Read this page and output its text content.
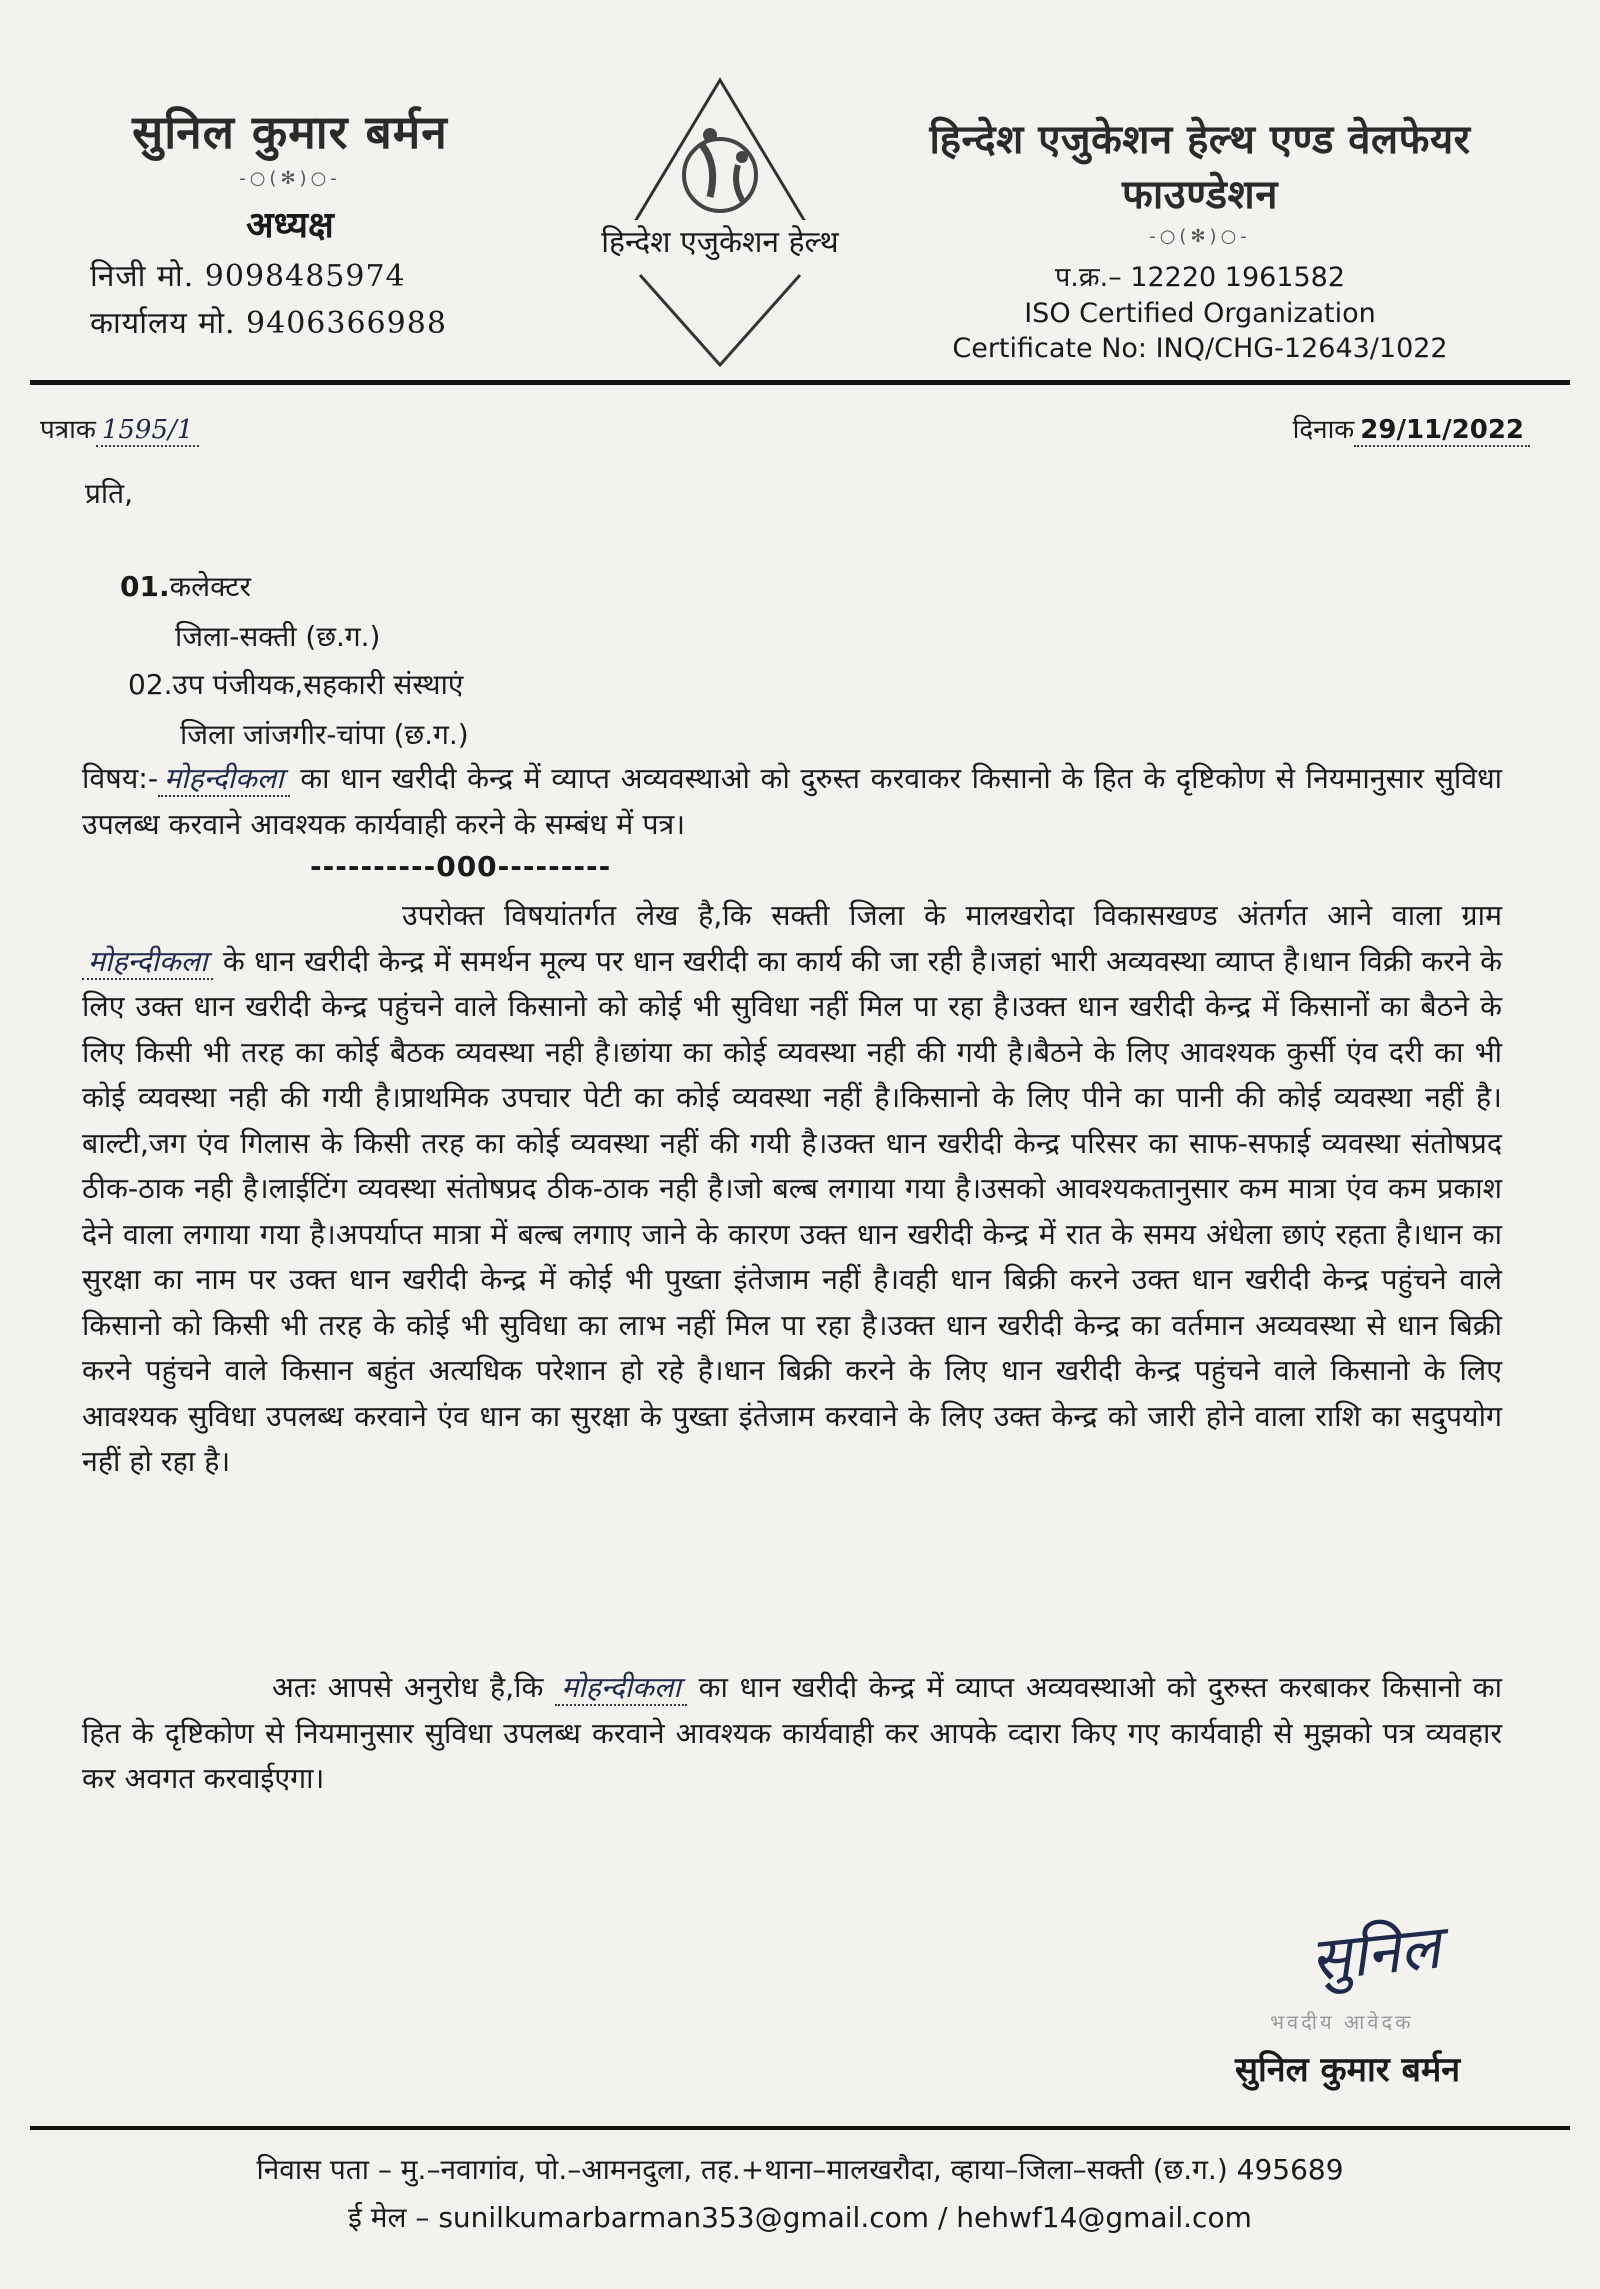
सुनिल कुमार बर्मन
-○(✻)○-
अध्यक्ष
निजी मो. 9098485974
कार्यालय मो. 9406366988
हिन्देश एजुकेशन हेल्थ
हिन्देश एजुकेशन हेल्थ एण्ड वेलफेयर फाउण्डेशन
-○(✻)○-
प.क्र.– 12220 1961582
ISO Certified Organization
Certificate No: INQ/CHG-12643/1022
पत्राक 1595/1	दिनाक 29/11/2022
प्रति,
01.कलेक्टर
जिला-सक्ती (छ.ग.)
02.उप पंजीयक,सहकारी संस्थाएं
जिला जांजगीर-चांपा (छ.ग.)
विषय:- मोहन्दीकला का धान खरीदी केन्द्र में व्याप्त अव्यवस्थाओ को दुरुस्त करवाकर किसानो के हित के दृष्टिकोण से नियमानुसार सुविधा उपलब्ध करवाने आवश्यक कार्यवाही करने के सम्बंध में पत्र।
----------000---------
उपरोक्त विषयांतर्गत लेख है,कि सक्ती जिला के मालखरोदा विकासखण्ड अंतर्गत आने वाला ग्राम मोहन्दीकला के धान खरीदी केन्द्र में समर्थन मूल्य पर धान खरीदी का कार्य की जा रही है।जहां भारी अव्यवस्था व्याप्त है।धान विक्री करने के लिए उक्त धान खरीदी केन्द्र पहुंचने वाले किसानो को कोई भी सुविधा नहीं मिल पा रहा है।उक्त धान खरीदी केन्द्र में किसानों का बैठने के लिए किसी भी तरह का कोई बैठक व्यवस्था नही है।छांया का कोई व्यवस्था नही की गयी है।बैठने के लिए आवश्यक कुर्सी एंव दरी का भी कोई व्यवस्था नही की गयी है।प्राथमिक उपचार पेटी का कोई व्यवस्था नहीं है।किसानो के लिए पीने का पानी की कोई व्यवस्था नहीं है।बाल्टी,जग एंव गिलास के किसी तरह का कोई व्यवस्था नहीं की गयी है।उक्त धान खरीदी केन्द्र परिसर का साफ-सफाई व्यवस्था संतोषप्रद ठीक-ठाक नही है।लाईटिंग व्यवस्था संतोषप्रद ठीक-ठाक नही है।जो बल्ब लगाया गया है।उसको आवश्यकतानुसार कम मात्रा एंव कम प्रकाश देने वाला लगाया गया है।अपर्याप्त मात्रा में बल्ब लगाए जाने के कारण उक्त धान खरीदी केन्द्र में रात के समय अंधेला छाएं रहता है।धान का सुरक्षा का नाम पर उक्त धान खरीदी केन्द्र में कोई भी पुख्ता इंतेजाम नहीं है।वही धान बिक्री करने उक्त धान खरीदी केन्द्र पहुंचने वाले किसानो को किसी भी तरह के कोई भी सुविधा का लाभ नहीं मिल पा रहा है।उक्त धान खरीदी केन्द्र का वर्तमान अव्यवस्था से धान बिक्री करने पहुंचने वाले किसान बहुंत अत्यधिक परेशान हो रहे है।धान बिक्री करने के लिए धान खरीदी केन्द्र पहुंचने वाले किसानो के लिए आवश्यक सुविधा उपलब्ध करवाने एंव धान का सुरक्षा के पुख्ता इंतेजाम करवाने के लिए उक्त केन्द्र को जारी होने वाला राशि का सदुपयोग नहीं हो रहा है।
अतः आपसे अनुरोध है,कि मोहन्दीकला का धान खरीदी केन्द्र में व्याप्त अव्यवस्थाओ को दुरुस्त करबाकर किसानो का हित के दृष्टिकोण से नियमानुसार सुविधा उपलब्ध करवाने आवश्यक कार्यवाही कर आपके व्दारा किए गए कार्यवाही से मुझको पत्र व्यवहार कर अवगत करवाईएगा।
सुनिल
भवदीय आवेदक
सुनिल कुमार बर्मन
निवास पता – मु.–नवागांव, पो.–आमनदुला, तह.+थाना–मालखरौदा, व्हाया–जिला–सक्ती (छ.ग.) 495689
ई मेल – sunilkumarbarman353@gmail.com / hehwf14@gmail.com
